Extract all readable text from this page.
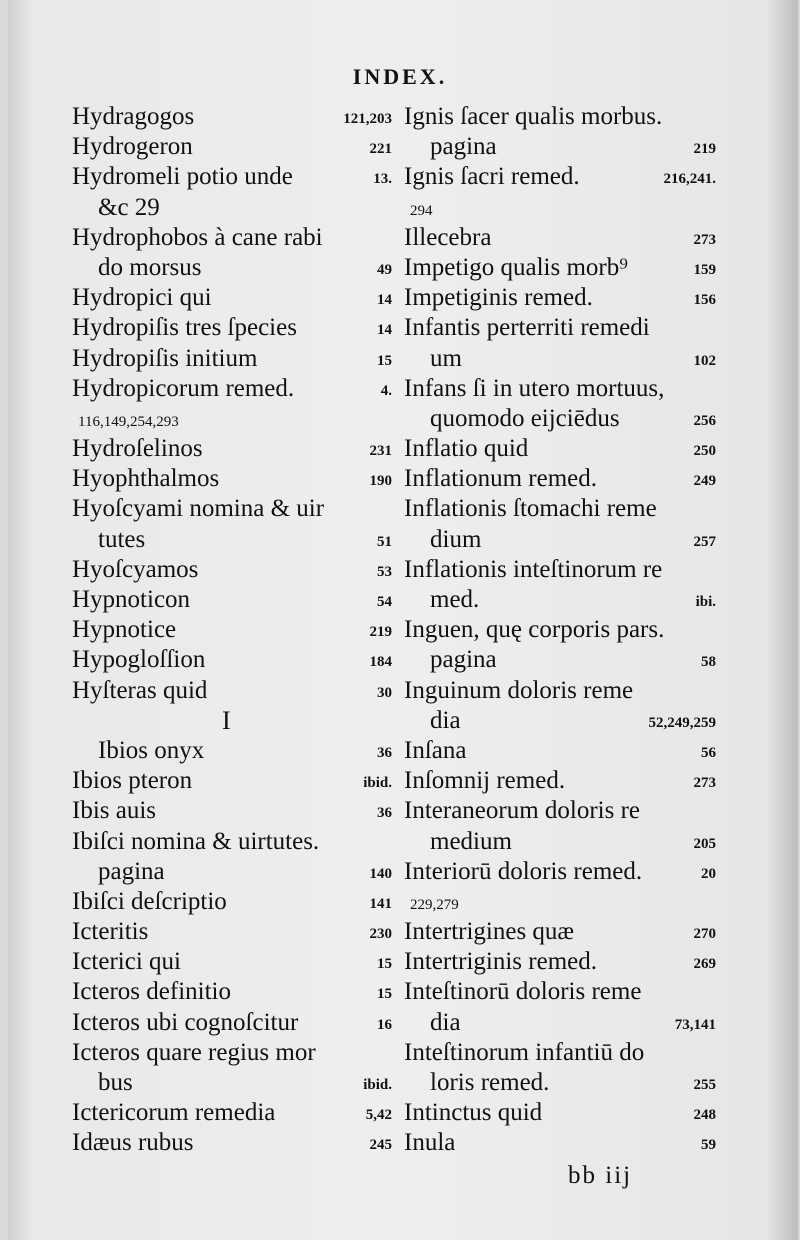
INDEX.
Hydragogos	121,203
Hydrogeron	221
Hydromeli potio unde	13.
&c 29
Hydrophobos à cane rabi
do morsus	49
Hydropici qui	14
Hydropiſis tres ſpecies	14
Hydropiſis initium	15
Hydropicorum remed.	4.
116,149,254,293
Hydroſelinos	231
Hyophthalmos	190
Hyoſcyami nomina & uir
tutes	51
Hyoſcyamos	53
Hypnoticon	54
Hypnotice	219
Hypogloſſion	184
Hyſteras quid	30
I
Ibios onyx	36
Ibios pteron	ibid.
Ibis auis	36
Ibiſci nomina & uirtutes.
pagina	140
Ibiſci deſcriptio	141
Icteritis	230
Icterici qui	15
Icteros definitio	15
Icteros ubi cognoſcitur	16
Icteros quare regius mor
bus	ibid.
Ictericorum remedia	5,42
Idæus rubus	245
Ignis ſacer qualis morbus.
pagina	219
Ignis ſacri remed.	216,241.
294
Illecebra	273
Impetigo qualis morb⁹	159
Impetiginis remed.	156
Infantis perterriti remedi
um	102
Infans ſi in utero mortuus,
quomodo eijciēdus	256
Inflatio quid	250
Inflationum remed.	249
Inflationis ſtomachi reme
dium	257
Inflationis inteſtinorum re
med.	ibi.
Inguen, quę corporis pars.
pagina	58
Inguinum doloris reme
dia	52,249,259
Inſana	56
Inſomnij remed.	273
Interaneorum doloris re
medium	205
Interiorū doloris remed.	20
229,279
Intertrigines quæ	270
Intertriginis remed.	269
Inteſtinorū doloris reme
dia	73,141
Inteſtinorum infantiū do
loris remed.	255
Intinctus quid	248
Inula	59
bb iij
